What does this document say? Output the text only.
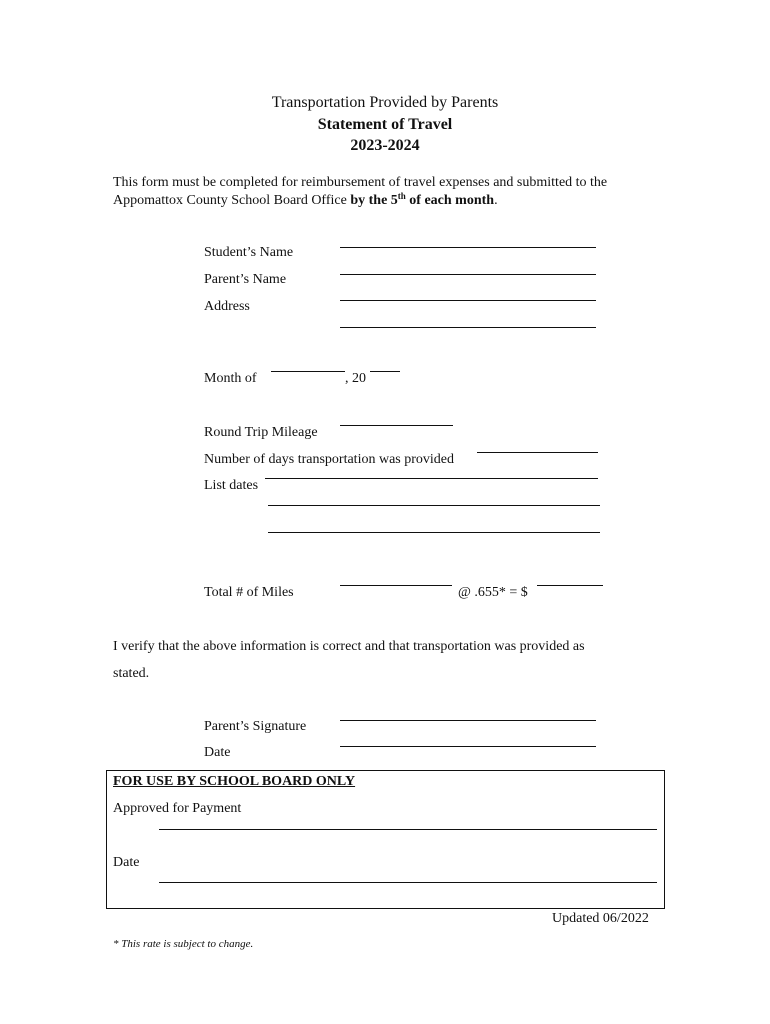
Transportation Provided by Parents
Statement of Travel
2023-2024
This form must be completed for reimbursement of travel expenses and submitted to the
Appomattox County School Board Office by the 5th of each month.
Student’s Name
Parent’s Name
Address
Month of	, 20
Round Trip Mileage
Number of days transportation was provided
List dates
Total # of Miles	@ .655* = $
I verify that the above information is correct and that transportation was provided as
stated.
Parent’s Signature
Date
FOR USE BY SCHOOL BOARD ONLY
Approved for Payment
Date
Updated 06/2022
* This rate is subject to change.
